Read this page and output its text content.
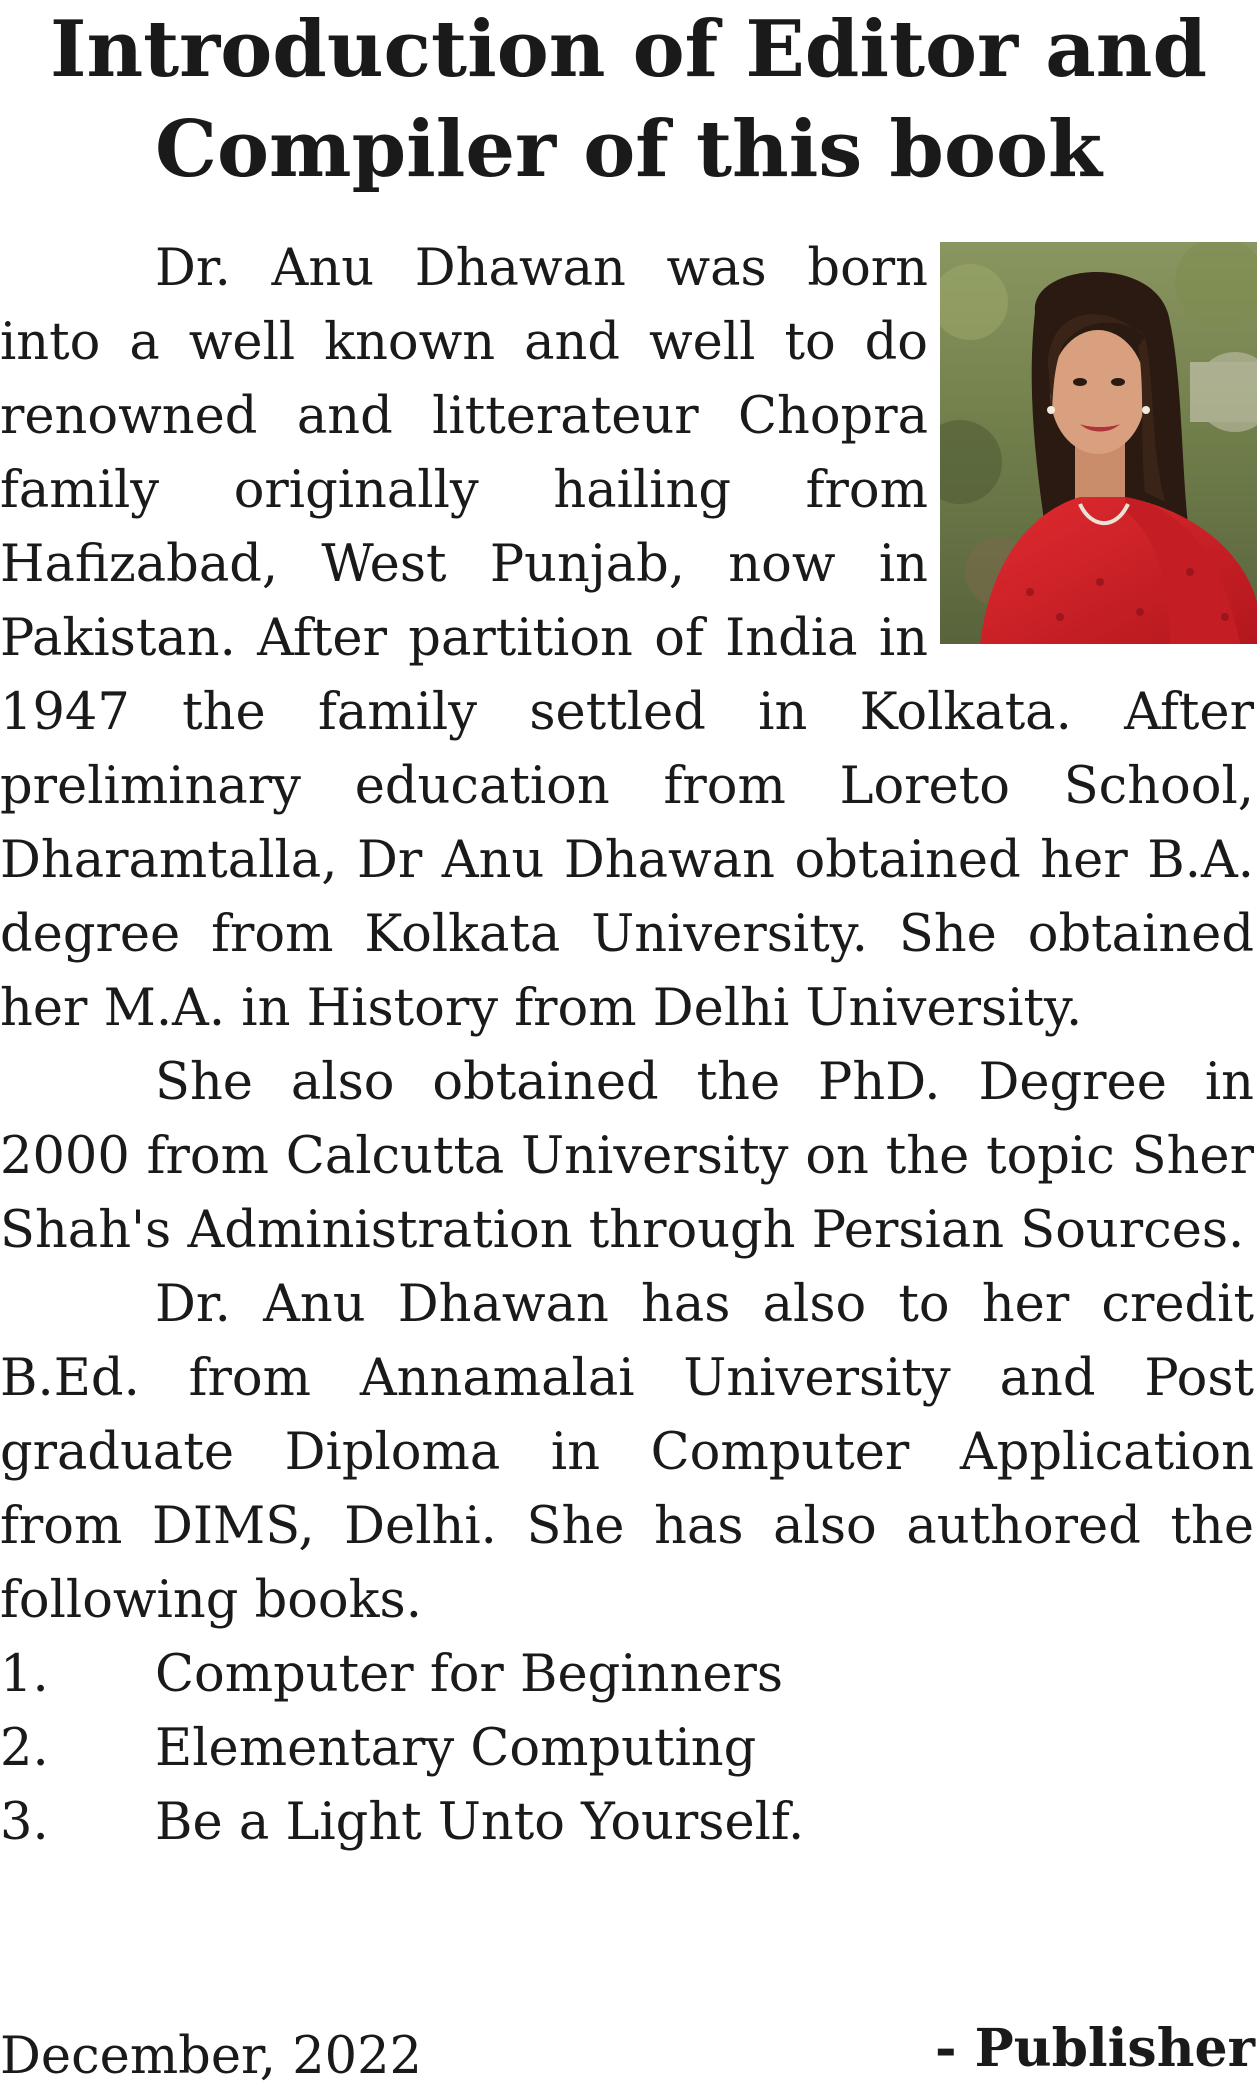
Introduction of Editor and
Compiler of this book

Dr. Anu Dhawan was born into a well known and well to do renowned and litterateur Chopra family originally hailing from Hafizabad, West Punjab, now in Pakistan. After partition of India in 1947 the family settled in Kolkata. After preliminary education from Loreto School, Dharamtalla, Dr Anu Dhawan obtained her B.A. degree from Kolkata University. She obtained her M.A. in History from Delhi University.

She also obtained the PhD. Degree in 2000 from Calcutta University on the topic Sher Shah's Administration through Persian Sources.

Dr. Anu Dhawan has also to her credit B.Ed. from Annamalai University and Post graduate Diploma in Computer Application from DIMS, Delhi. She has also authored the following books.

1.	Computer for Beginners
2.	Elementary Computing
3.	Be a Light Unto Yourself.
December, 2022	- Publisher
